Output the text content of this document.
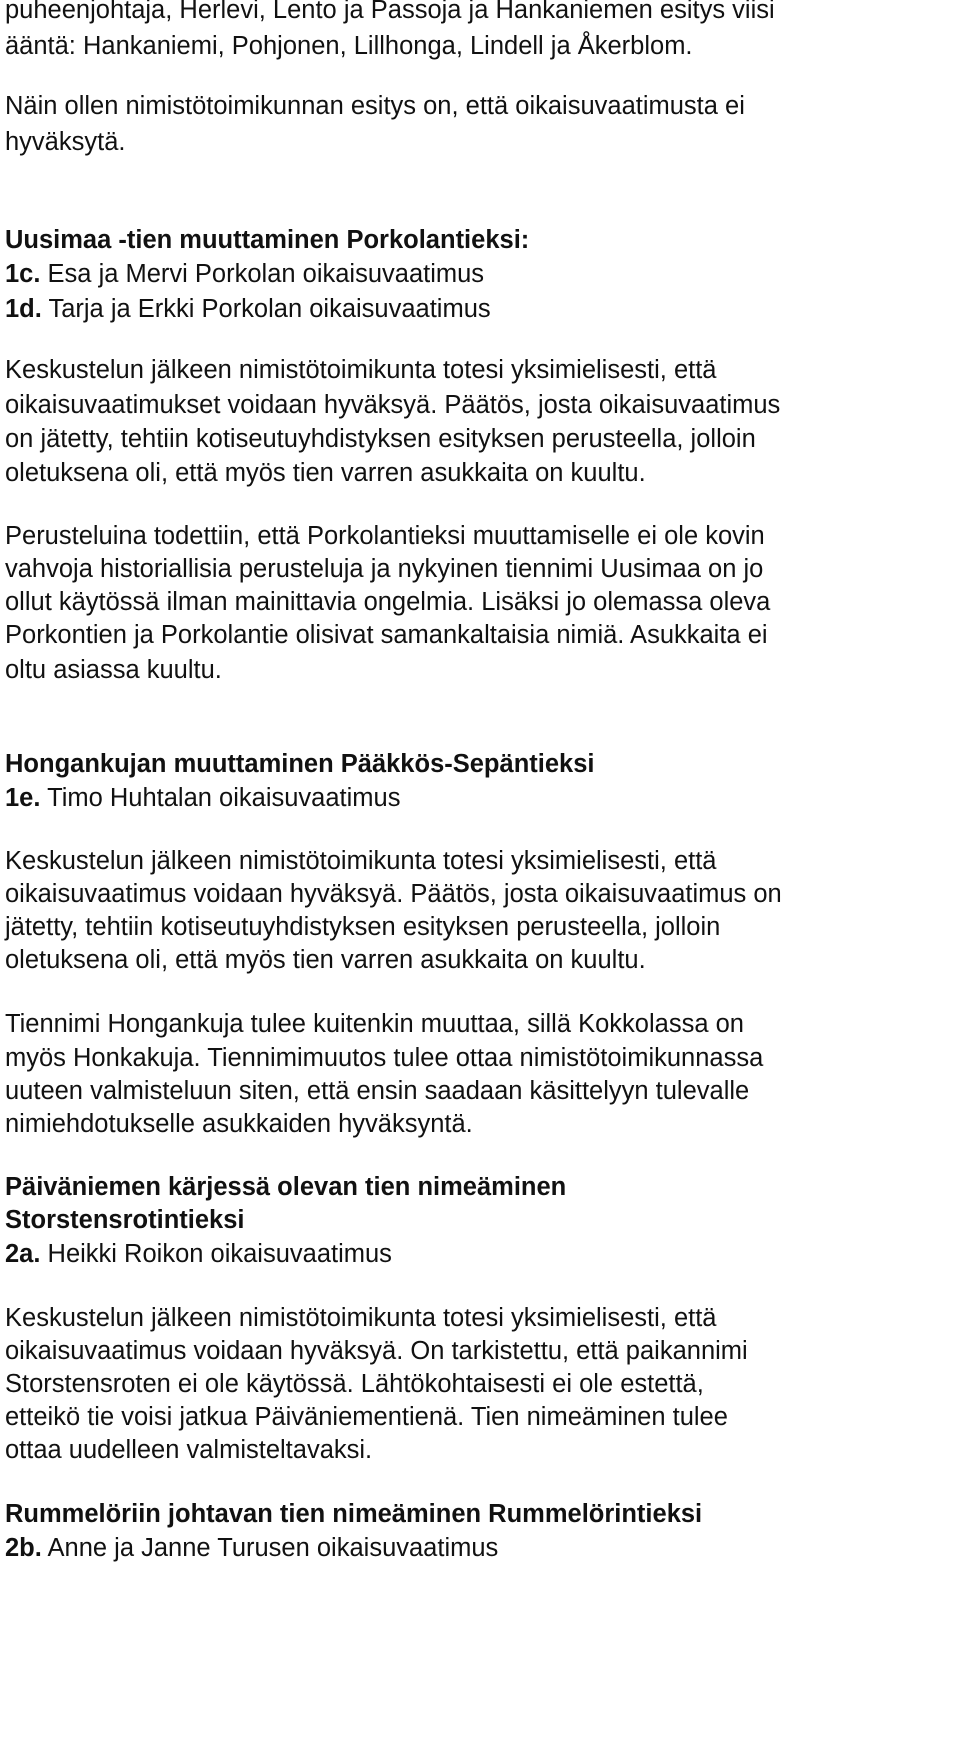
puheenjohtaja, Herlevi, Lento ja Passoja ja Hankaniemen esitys viisi
ääntä: Hankaniemi, Pohjonen, Lillhonga, Lindell ja Åkerblom.
Näin ollen nimistötoimikunnan esitys on, että oikaisuvaatimusta ei
hyväksytä.
Uusimaa -tien muuttaminen Porkolantieksi:
1c. Esa ja Mervi Porkolan oikaisuvaatimus
1d. Tarja ja Erkki Porkolan oikaisuvaatimus
Keskustelun jälkeen nimistötoimikunta totesi yksimielisesti, että
oikaisuvaatimukset voidaan hyväksyä. Päätös, josta oikaisuvaatimus
on jätetty, tehtiin kotiseutuyhdistyksen esityksen perusteella, jolloin
oletuksena oli, että myös tien varren asukkaita on kuultu.
Perusteluina todettiin, että Porkolantieksi muuttamiselle ei ole kovin
vahvoja historiallisia perusteluja ja nykyinen tiennimi Uusimaa on jo
ollut käytössä ilman mainittavia ongelmia. Lisäksi jo olemassa oleva
Porkontien ja Porkolantie olisivat samankaltaisia nimiä. Asukkaita ei
oltu asiassa kuultu.
Hongankujan muuttaminen Pääkkös-Sepäntieksi
1e. Timo Huhtalan oikaisuvaatimus
Keskustelun jälkeen nimistötoimikunta totesi yksimielisesti, että
oikaisuvaatimus voidaan hyväksyä. Päätös, josta oikaisuvaatimus on
jätetty, tehtiin kotiseutuyhdistyksen esityksen perusteella, jolloin
oletuksena oli, että myös tien varren asukkaita on kuultu.
Tiennimi Hongankuja tulee kuitenkin muuttaa, sillä Kokkolassa on
myös Honkakuja. Tiennimimuutos tulee ottaa nimistötoimikunnassa
uuteen valmisteluun siten, että ensin saadaan käsittelyyn tulevalle
nimiehdotukselle asukkaiden hyväksyntä.
Päiväniemen kärjessä olevan tien nimeäminen
Storstensrotintieksi
2a. Heikki Roikon oikaisuvaatimus
Keskustelun jälkeen nimistötoimikunta totesi yksimielisesti, että
oikaisuvaatimus voidaan hyväksyä. On tarkistettu, että paikannimi
Storstensroten ei ole käytössä. Lähtökohtaisesti ei ole estettä,
etteikö tie voisi jatkua Päiväniementienä. Tien nimeäminen tulee
ottaa uudelleen valmisteltavaksi.
Rummelöriin johtavan tien nimeäminen Rummelörintieksi
2b. Anne ja Janne Turusen oikaisuvaatimus
